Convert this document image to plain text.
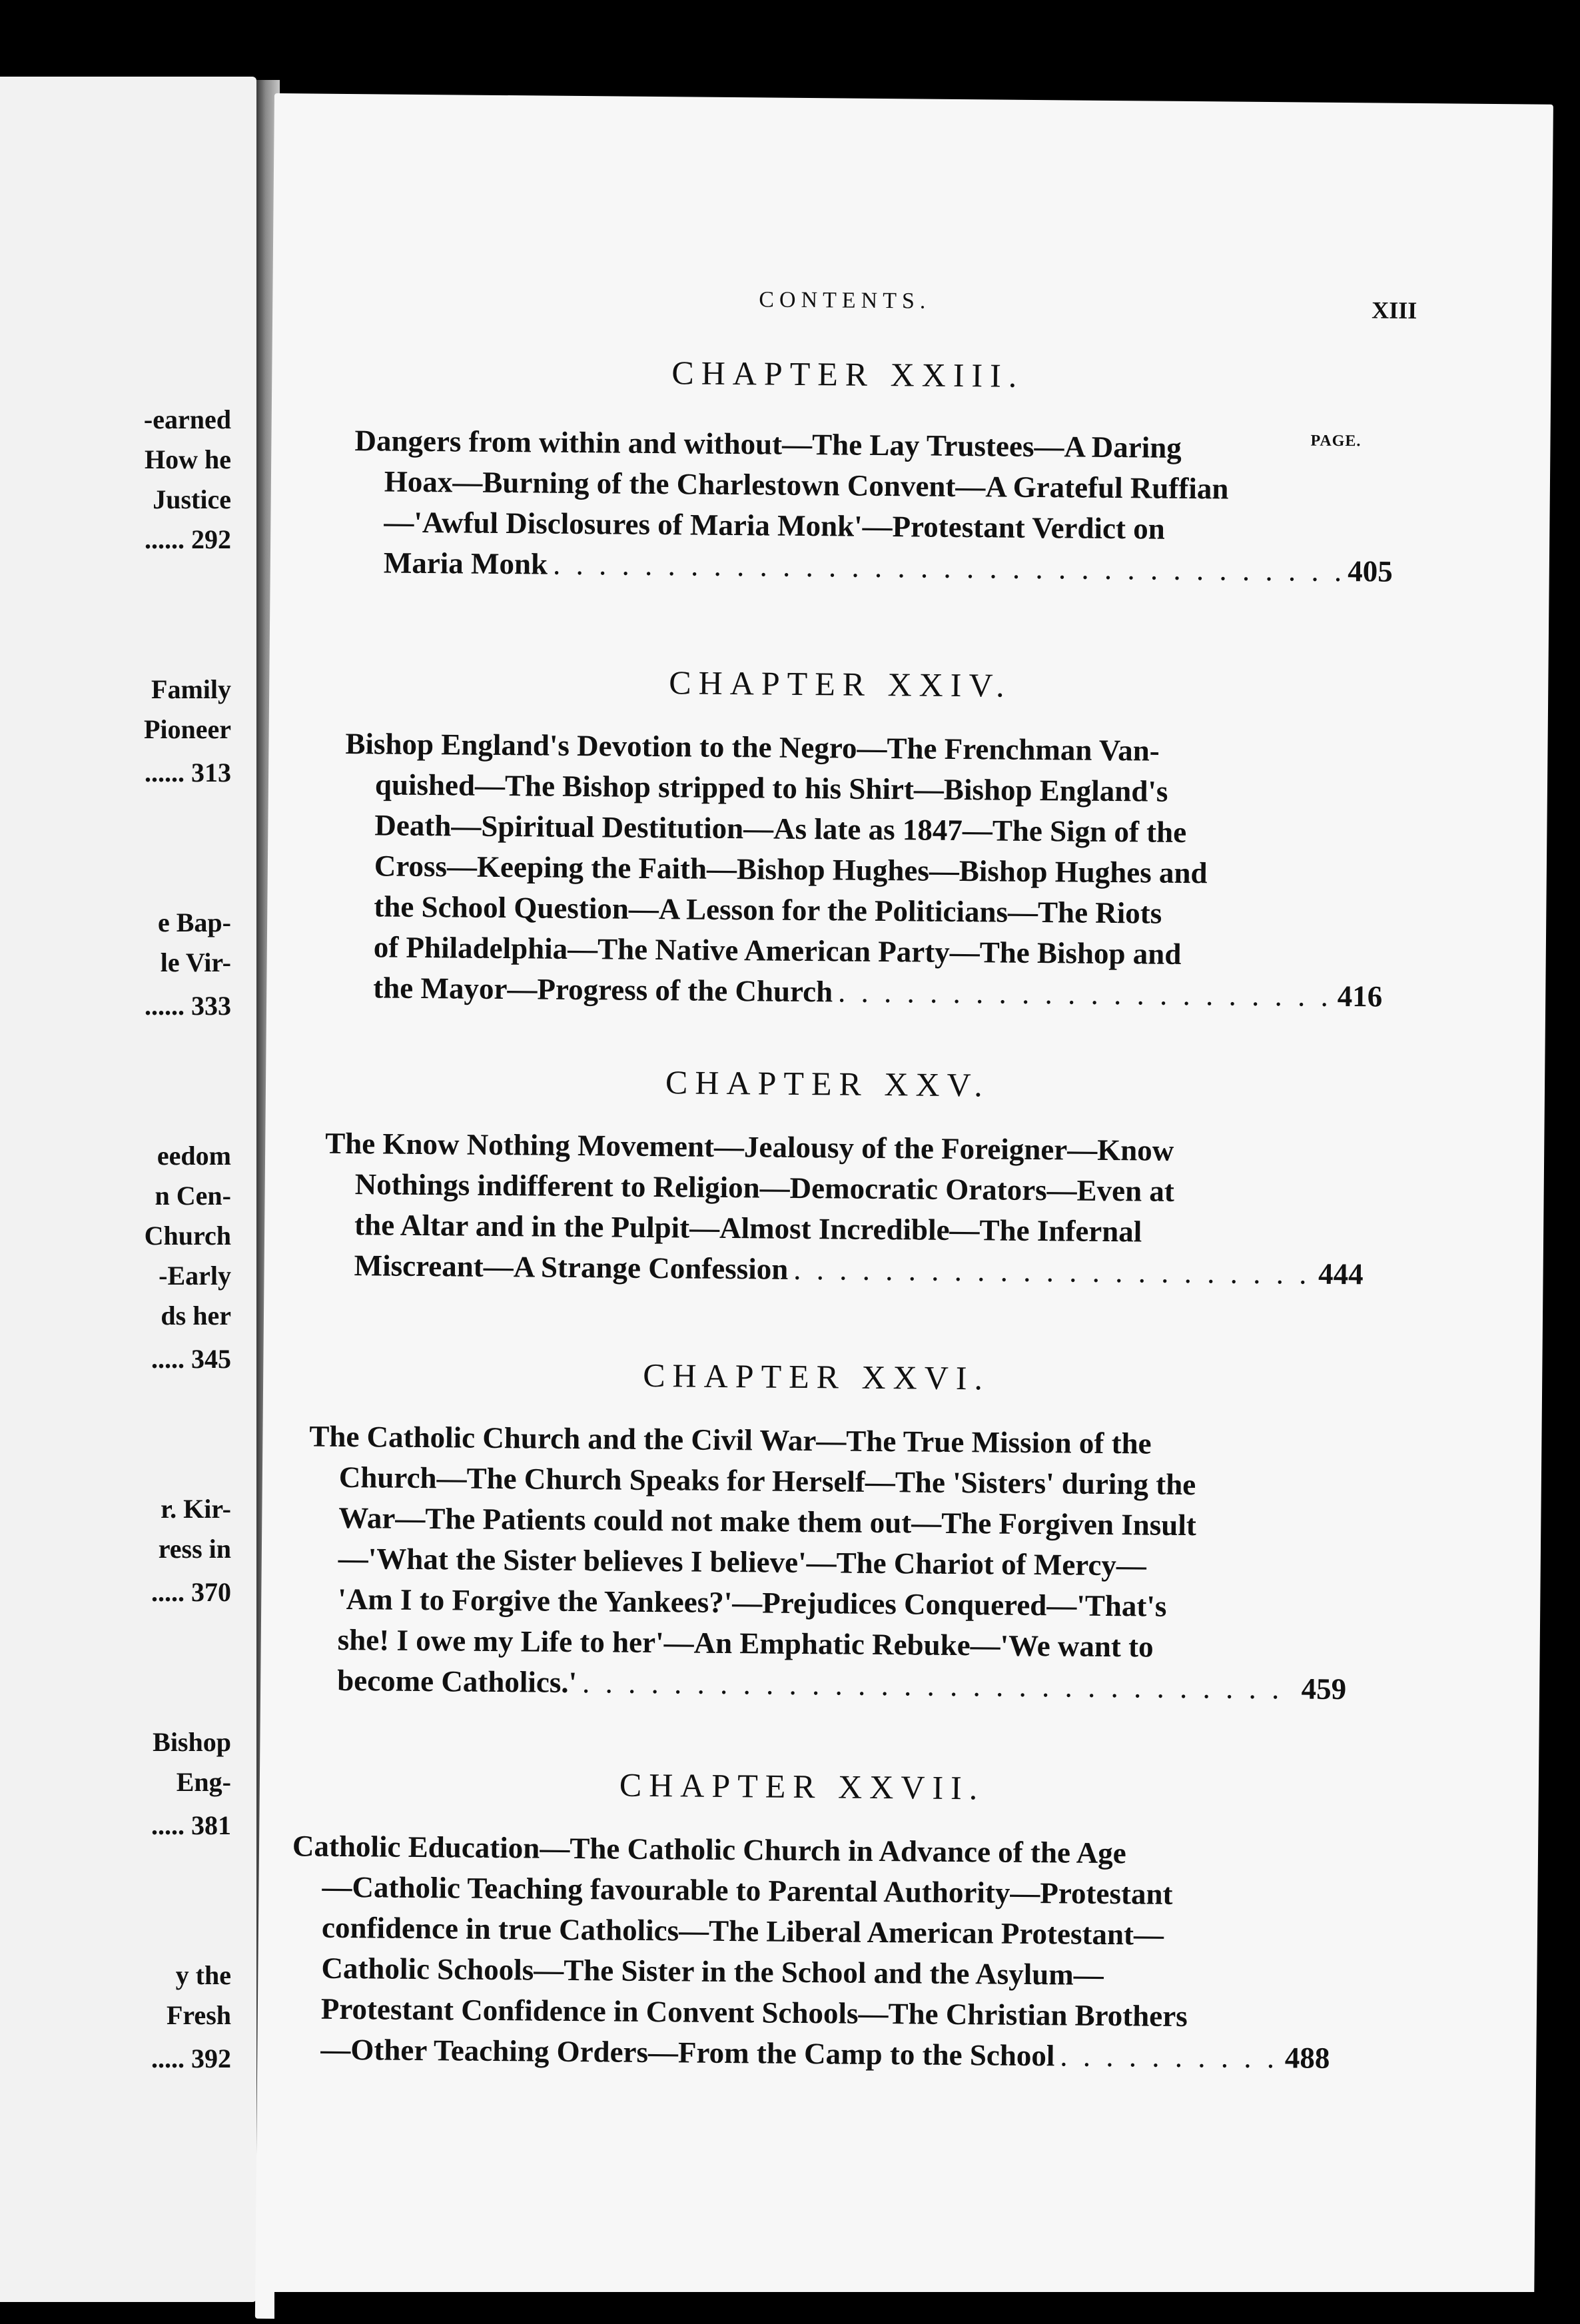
-earned
How he
Justice
...... 292
Family
Pioneer
...... 313
e Bap-
le Vir-
...... 333
eedom
n Cen-
Church
-Early
ds her
..... 345
r. Kir-
ress in
..... 370
Bishop
Eng-
..... 381
y the
Fresh
..... 392
CONTENTS.	XIII
CHAPTER XXIII.
PAGE.
Dangers from within and without—The Lay Trustees—A Daring
Hoax—Burning of the Charlestown Convent—A Grateful Ruffian
—'Awful Disclosures of Maria Monk'—Protestant Verdict on
Maria Monk . . .	405
CHAPTER XXIV.
Bishop England's Devotion to the Negro—The Frenchman Van-
quished—The Bishop stripped to his Shirt—Bishop England's
Death—Spiritual Destitution—As late as 1847—The Sign of the
Cross—Keeping the Faith—Bishop Hughes—Bishop Hughes and
the School Question—A Lesson for the Politicians—The Riots
of Philadelphia—The Native American Party—The Bishop and
the Mayor—Progress of the Church . . .	416
CHAPTER XXV.
The Know Nothing Movement—Jealousy of the Foreigner—Know
Nothings indifferent to Religion—Democratic Orators—Even at
the Altar and in the Pulpit—Almost Incredible—The Infernal
Miscreant—A Strange Confession . . .	444
CHAPTER XXVI.
The Catholic Church and the Civil War—The True Mission of the
Church—The Church Speaks for Herself—The 'Sisters' during the
War—The Patients could not make them out—The Forgiven Insult
—'What the Sister believes I believe'—The Chariot of Mercy—
'Am I to Forgive the Yankees?'—Prejudices Conquered—'That's
she! I owe my Life to her'—An Emphatic Rebuke—'We want to
become Catholics.' . . .	459
CHAPTER XXVII.
Catholic Education—The Catholic Church in Advance of the Age
—Catholic Teaching favourable to Parental Authority—Protestant
confidence in true Catholics—The Liberal American Protestant—
Catholic Schools—The Sister in the School and the Asylum—
Protestant Confidence in Convent Schools—The Christian Brothers
—Other Teaching Orders—From the Camp to the School . . .	488
